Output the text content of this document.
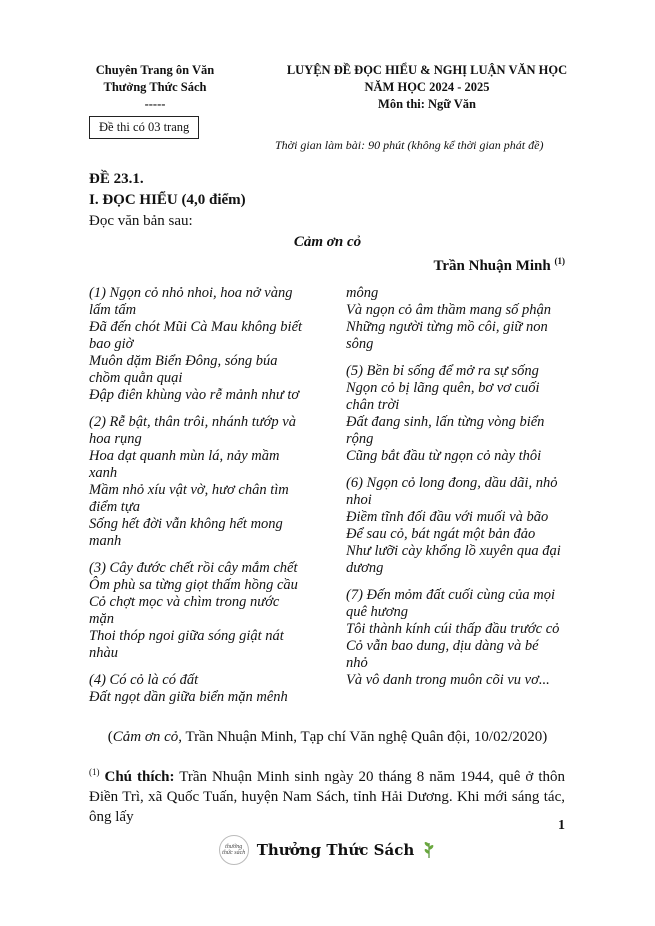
Chuyên Trang ôn Văn
Thưởng Thức Sách
-----
LUYỆN ĐỀ ĐỌC HIỂU & NGHỊ LUẬN VĂN HỌC
NĂM HỌC 2024 - 2025
Môn thi: Ngữ Văn
Đề thi có 03 trang
Thời gian làm bài: 90 phút (không kể thời gian phát đề)
ĐỀ 23.1.
I. ĐỌC HIỂU (4,0 điểm)
Đọc văn bản sau:
Cảm ơn cỏ
Trần Nhuận Minh $^{(1)}$
(1) Ngọn cỏ nhỏ nhoi, hoa nở vàng
lấm tấm
Đã đến chót Mũi Cà Mau không biết
bao giờ
Muôn dặm Biển Đông, sóng búa
chồm quằn quại
Đập điên khùng vào rễ mảnh như tơ
(2) Rễ bật, thân trôi, nhánh tướp và
hoa rụng
Hoa dạt quanh mùn lá, nảy mầm
xanh
Mầm nhỏ xíu vật vờ, hươ chân tìm
điểm tựa
Sống hết đời vẫn không hết mong
manh
(3) Cây đước chết rồi cây mắm chết
Ôm phù sa từng giọt thấm hồng cầu
Cỏ chợt mọc và chìm trong nước
mặn
Thoi thóp ngoi giữa sóng giật nát
nhàu
(4) Có cỏ là có đất
Đất ngọt dần giữa biển mặn mênh
mông
Và ngọn cỏ âm thầm mang số phận
Những người từng mồ côi, giữ non
sông
(5) Bền bỉ sống để mở ra sự sống
Ngọn cỏ bị lãng quên, bơ vơ cuối
chân trời
Đất đang sinh, lấn từng vòng biển
rộng
Cũng bắt đầu từ ngọn cỏ này thôi
(6) Ngọn cỏ long đong, dầu dãi, nhỏ
nhoi
Điềm tĩnh đối đầu với muối và bão
Để sau cỏ, bát ngát một bản đảo
Như lưỡi cày khổng lồ xuyên qua đại
dương
(7) Đến mỏm đất cuối cùng của mọi
quê hương
Tôi thành kính cúi thấp đầu trước cỏ
Cỏ vẫn bao dung, dịu dàng và bé
nhỏ
Và vô danh trong muôn cõi vu vơ...
(Cảm ơn cỏ, Trần Nhuận Minh, Tạp chí Văn nghệ Quân đội, 10/02/2020)
$^{(1)}$ Chú thích: Trần Nhuận Minh sinh ngày 20 tháng 8 năm 1944, quê ở thôn Điền Trì, xã Quốc Tuấn, huyện Nam Sách, tỉnh Hải Dương. Khi mới sáng tác, ông lấy
1
thưởng thức sách Thưởng Thức Sách
